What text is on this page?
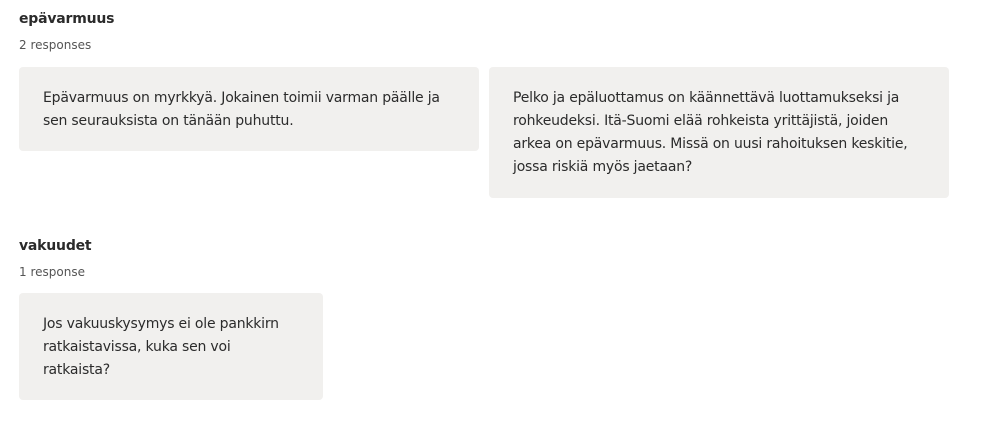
epävarmuus
2 responses
Epävarmuus on myrkkyä. Jokainen toimii varman päälle ja sen seurauksista on tänään puhuttu.
Pelko ja epäluottamus on käännettävä luottamukseksi ja rohkeudeksi. Itä-Suomi elää rohkeista yrittäjistä, joiden arkea on epävarmuus. Missä on uusi rahoituksen keskitie, jossa riskiä myös jaetaan?
vakuudet
1 response
Jos vakuuskysymys ei ole pankkirn ratkaistavissa, kuka sen voi ratkaista?
